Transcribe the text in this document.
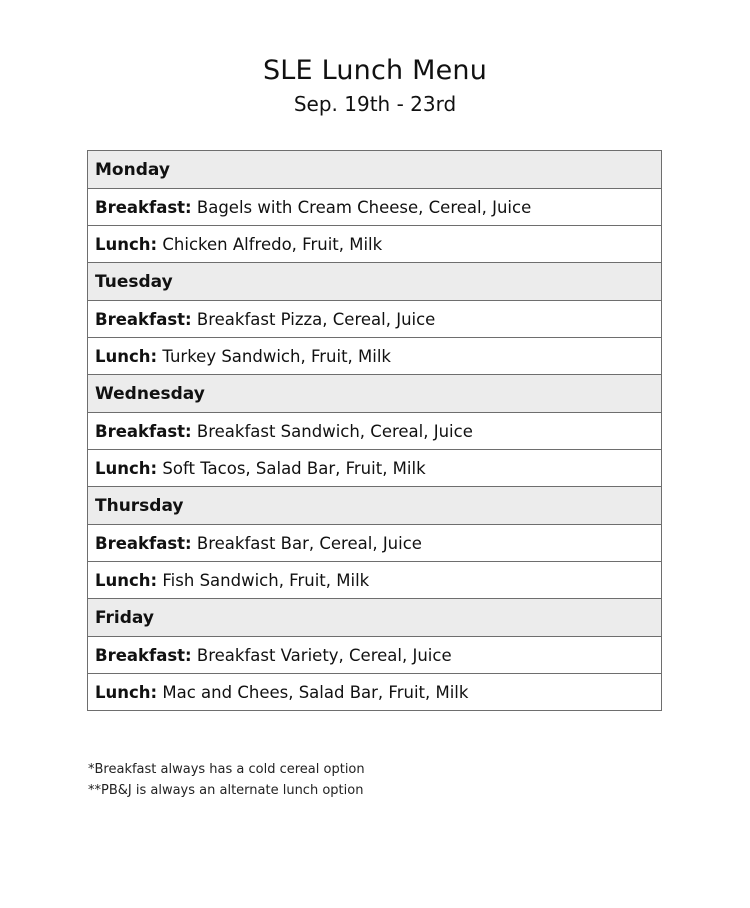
SLE Lunch Menu
Sep. 19th - 23rd
Monday
Breakfast: Bagels with Cream Cheese, Cereal, Juice
Lunch: Chicken Alfredo, Fruit, Milk
Tuesday
Breakfast: Breakfast Pizza, Cereal, Juice
Lunch: Turkey Sandwich, Fruit, Milk
Wednesday
Breakfast: Breakfast Sandwich, Cereal, Juice
Lunch: Soft Tacos, Salad Bar, Fruit, Milk
Thursday
Breakfast: Breakfast Bar, Cereal, Juice
Lunch: Fish Sandwich, Fruit, Milk
Friday
Breakfast: Breakfast Variety, Cereal, Juice
Lunch: Mac and Chees, Salad Bar, Fruit, Milk
*Breakfast always has a cold cereal option
**PB&J is always an alternate lunch option
